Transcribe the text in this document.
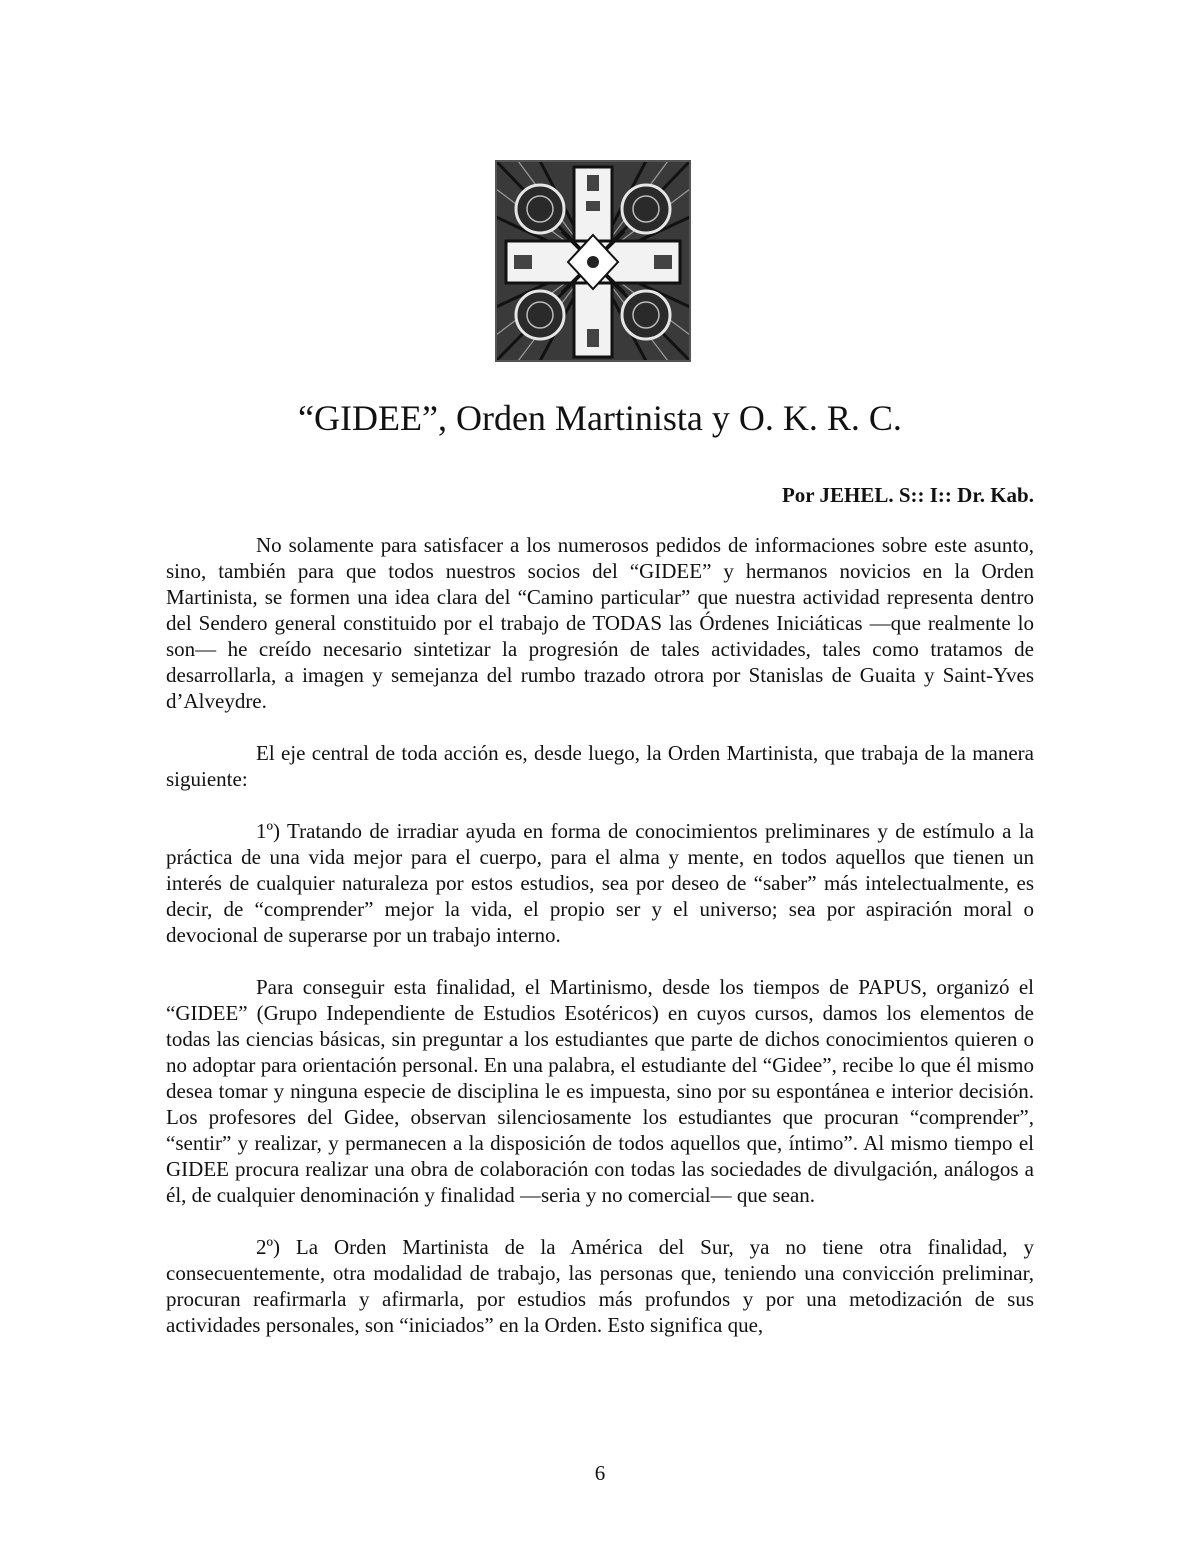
“GIDEE”, Orden Martinista y O. K. R. C.

Por JEHEL. S:: I:: Dr. Kab.

No solamente para satisfacer a los numerosos pedidos de informaciones sobre este asunto, sino, también para que todos nuestros socios del “GIDEE” y hermanos novicios en la Orden Martinista, se formen una idea clara del “Camino particular” que nuestra actividad representa dentro del Sendero general constituido por el trabajo de TODAS las Órdenes Iniciáticas —que realmente lo son— he creído necesario sintetizar la progresión de tales actividades, tales como tratamos de desarrollarla, a imagen y semejanza del rumbo trazado otrora por Stanislas de Guaita y Saint-Yves d’Alveydre.

El eje central de toda acción es, desde luego, la Orden Martinista, que trabaja de la manera siguiente:

1º) Tratando de irradiar ayuda en forma de conocimientos preliminares y de estímulo a la práctica de una vida mejor para el cuerpo, para el alma y mente, en todos aquellos que tienen un interés de cualquier naturaleza por estos estudios, sea por deseo de “saber” más intelectualmente, es decir, de “comprender” mejor la vida, el propio ser y el universo; sea por aspiración moral o devocional de superarse por un trabajo interno.

Para conseguir esta finalidad, el Martinismo, desde los tiempos de PAPUS, organizó el “GIDEE” (Grupo Independiente de Estudios Esotéricos) en cuyos cursos, damos los elementos de todas las ciencias básicas, sin preguntar a los estudiantes que parte de dichos conocimientos quieren o no adoptar para orientación personal. En una palabra, el estudiante del “Gidee”, recibe lo que él mismo desea tomar y ninguna especie de disciplina le es impuesta, sino por su espontánea e interior decisión. Los profesores del Gidee, observan silenciosamente los estudiantes que procuran “comprender”, “sentir” y realizar, y permanecen a la disposición de todos aquellos que, íntimo”. Al mismo tiempo el GIDEE procura realizar una obra de colaboración con todas las sociedades de divulgación, análogos a él, de cualquier denominación y finalidad —seria y no comercial— que sean.

2º) La Orden Martinista de la América del Sur, ya no tiene otra finalidad, y consecuentemente, otra modalidad de trabajo, las personas que, teniendo una convicción preliminar, procuran reafirmarla y afirmarla, por estudios más profundos y por una metodización de sus actividades personales, son “iniciados” en la Orden. Esto significa que,

6
